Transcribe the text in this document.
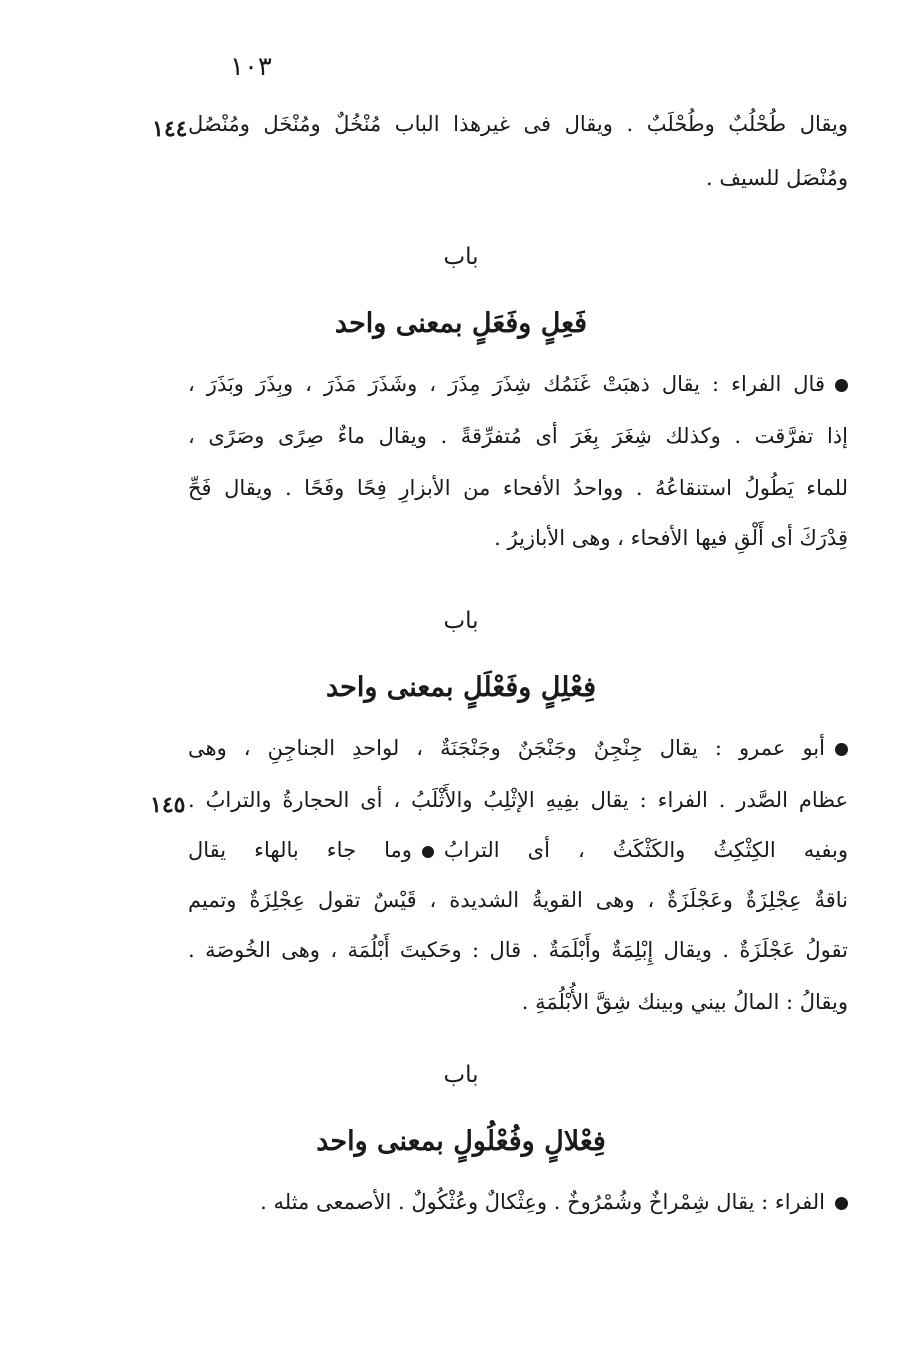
١٠٣
ويقال طُحْلُبٌ وطُحْلَبٌ . ويقال فى غيرهذا الباب مُنْخُلٌ ومُنْخَل ومُنْصُل
١٤٤
ومُنْصَل للسيف .
باب
فَعِلٍ وفَعَلٍ بمعنى واحد
قال الفراء : يقال ذهبَتْ غَنَمُك شِذَرَ مِذَرَ ، وشَذَرَ مَذَرَ ، وبِذَرَ وبَذَرَ ،
إذا تفرَّقت . وكذلك شِغَرَ بِغَرَ أى مُتفرِّقةً . ويقال ماءٌ صِرًى وصَرًى ،
للماء يَطُولُ استنقاعُهُ . وواحدُ الأفحاء من الأبزارِ فِحًا وفَحًا . ويقال فَحِّ
قِدْرَكَ أى أَلْقِ فيها الأفحاء ، وهى الأبازيرُ .
باب
فِعْلِلٍ وفَعْلَلٍ بمعنى واحد
أبو عمرو : يقال جِنْجِنٌ وجَنْجَنٌ وجَنْجَنَةٌ ، لواحدِ الجناجِنِ ، وهى
عظام الصَّدر . الفراء : يقال بفِيهِ الإثْلِبُ والأَثْلَبُ ، أى الحجارةُ والترابُ .
١٤٥
وبفيه الكِثْكِثُ والكَثْكَثُ ، أى الترابُوما جاء بالهاء يقال
ناقةٌ عِجْلِزَةٌ وعَجْلَزَةٌ ، وهى القويةُ الشديدة ، قَيْسٌ تقول عِجْلِزَةٌ وتميم
تقولُ عَجْلَزَةٌ . ويقال إِبْلِمَةٌ وأَبْلَمَةٌ . قال : وحَكيتَ أَبْلُمَة ، وهى الخُوصَة .
ويقالُ : المالُ بيني وبينك شِقَّ الأُبْلُمَةِ .
باب
فِعْلالٍ وفُعْلُولٍ بمعنى واحد
الفراء : يقال شِمْراخٌ وشُمْرُوخٌ . وعِثْكالٌ وعُثْكُولٌ . الأصمعى مثله .
